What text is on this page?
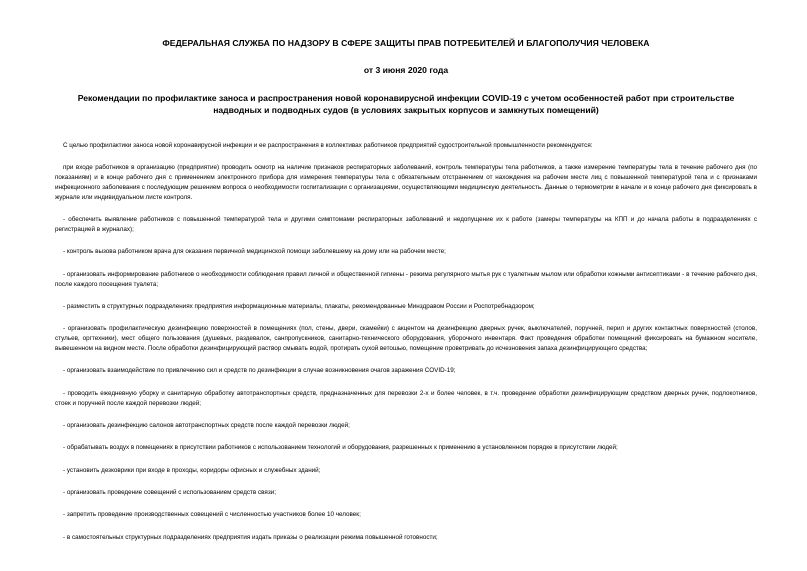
ФЕДЕРАЛЬНАЯ СЛУЖБА ПО НАДЗОРУ В СФЕРЕ ЗАЩИТЫ ПРАВ ПОТРЕБИТЕЛЕЙ И БЛАГОПОЛУЧИЯ ЧЕЛОВЕКА
от 3 июня 2020 года
Рекомендации по профилактике заноса и распространения новой коронавирусной инфекции COVID-19 с учетом особенностей работ при строительстве надводных и подводных судов (в условиях закрытых корпусов и замкнутых помещений)

С целью профилактики заноса новой коронавирусной инфекции и ее распространения в коллективах работников предприятий судостроительной промышленности рекомендуется:

при входе работников в организацию (предприятие) проводить осмотр на наличие признаков респираторных заболеваний, контроль температуры тела работников, а также измерение температуры тела в течение рабочего дня (по показаниям) и в конце рабочего дня с применением электронного прибора для измерения температуры тела с обязательным отстранением от нахождения на рабочем месте лиц с повышенной температурой тела и с признаками инфекционного заболевания с последующим решением вопроса о необходимости госпитализации с организациями, осуществляющими медицинскую деятельность. Данные о термометрии в начале и в конце рабочего дня фиксировать в журнале или индивидуальном листе контроля.

- обеспечить выявление работников с повышенной температурой тела и другими симптомами респираторных заболеваний и недопущение их к работе (замеры температуры на КПП и до начала работы в подразделениях с регистрацией в журналах);

- контроль вызова работником врача для оказания первичной медицинской помощи заболевшему на дому или на рабочем месте;

- организовать информирование работников о необходимости соблюдения правил личной и общественной гигиены - режима регулярного мытья рук с туалетным мылом или обработки кожными антисептиками - в течение рабочего дня, после каждого посещения туалета;

- разместить в структурных подразделениях предприятия информационные материалы, плакаты, рекомендованные Минздравом России и Роспотребнадзором;

- организовать профилактическую дезинфекцию поверхностей в помещениях (пол, стены, двери, скамейки) с акцентом на дезинфекцию дверных ручек, выключателей, поручней, перил и других контактных поверхностей (столов, стульев, оргтехники), мест общего пользования (душевых, раздевалок, санпропускников, санитарно-технического оборудования, уборочного инвентаря. Факт проведения обработки помещений фиксировать на бумажном носителе, вывешенном на видном месте. После обработки дезинфицирующий раствор смывать водой, протирать сухой ветошью, помещение проветривать до исчезновения запаха дезинфицирующего средства;

- организовать взаимодействие по привлечению сил и средств по дезинфекции в случае возникновения очагов заражения COVID-19;

- проводить ежедневную уборку и санитарную обработку автотранспортных средств, предназначенных для перевозки 2-х и более человек, в т.ч. проведение обработки дезинфицирующим средством дверных ручек, подлокотников, стоек и поручней после каждой перевозки людей;

- организовать дезинфекцию салонов автотранспортных средств после каждой перевозки людей;

- обрабатывать воздух в помещениях в присутствии работников с использованием технологий и оборудования, разрешенных к применению в установленном порядке в присутствии людей;

- установить дезковрики при входе в проходы, коридоры офисных и служебных зданий;

- организовать проведение совещений с использованием средств связи;

- запретить проведение производственных совещений с численностью участников более 10 человек;

- в самостоятельных структурных подразделениях предприятия издать приказы о реализации режима повышенной готовности;
